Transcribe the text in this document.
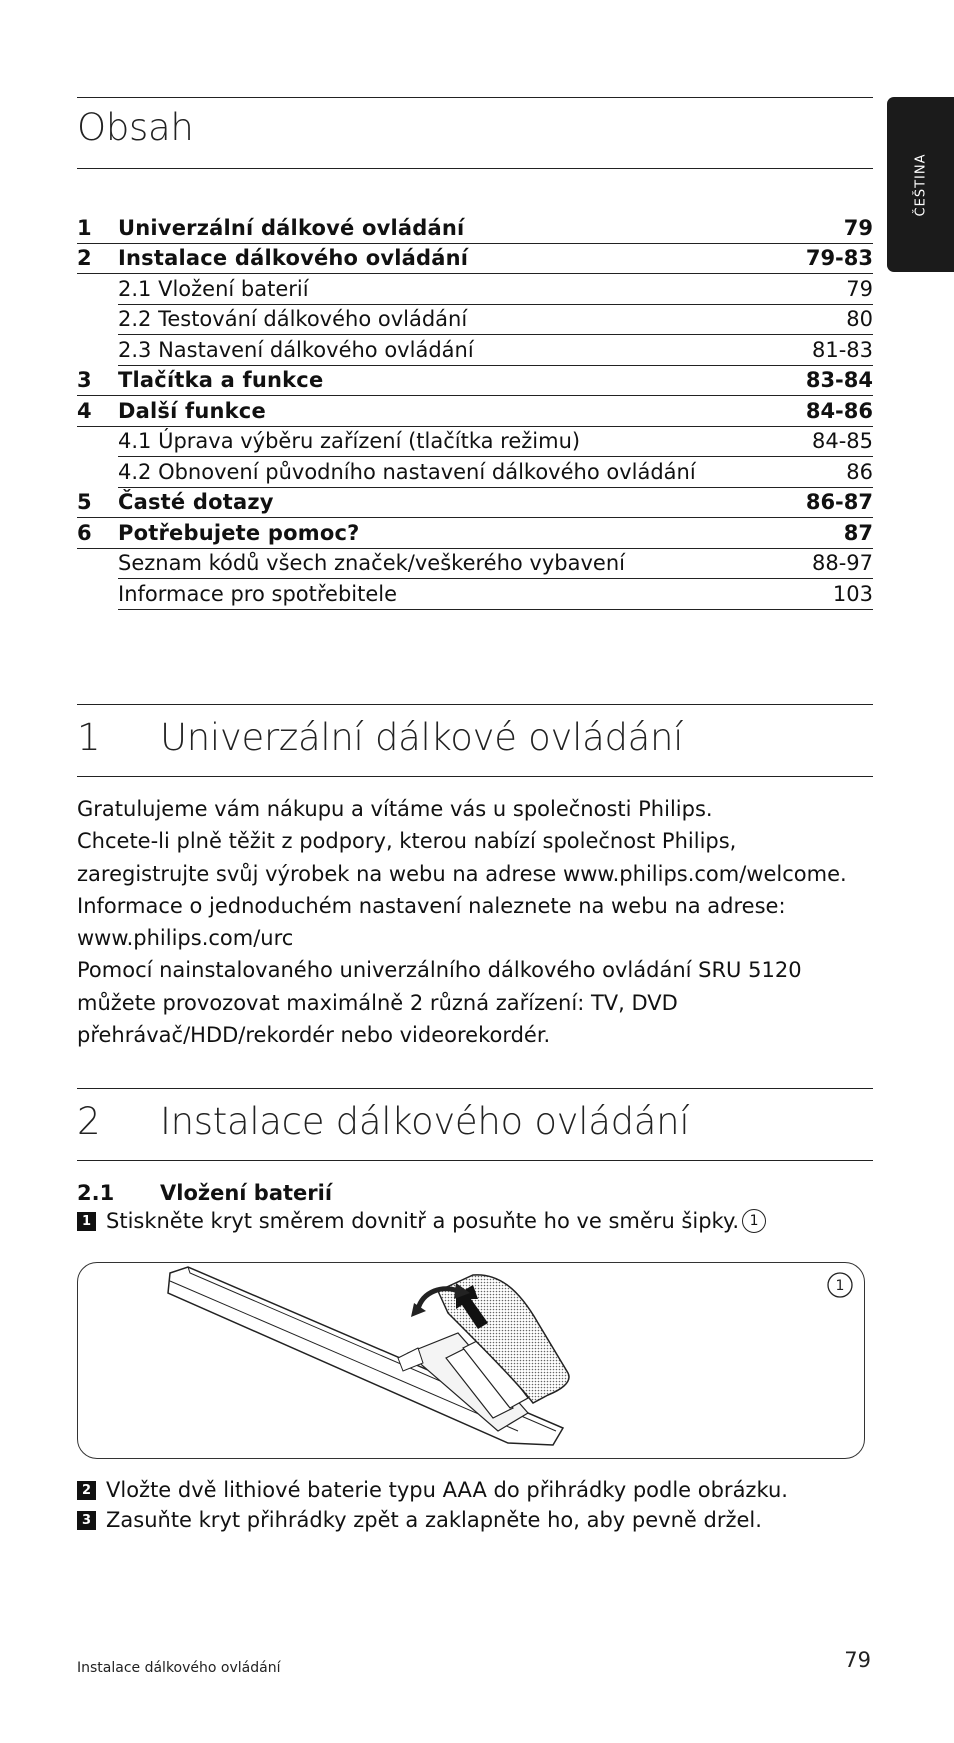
ČEŠTINA
Obsah
1 Univerzální dálkové ovládání	79
2 Instalace dálkového ovládání	79-83
2.1 Vložení baterií	79
2.2 Testování dálkového ovládání	80
2.3 Nastavení dálkového ovládání	81-83
3 Tlačítka a funkce	83-84
4 Další funkce	84-86
4.1 Úprava výběru zařízení (tlačítka režimu)	84-85
4.2 Obnovení původního nastavení dálkového ovládání	86
5 Časté dotazy	86-87
6 Potřebujete pomoc?	87
Seznam kódů všech značek/veškerého vybavení	88-97
Informace pro spotřebitele	103
1 Univerzální dálkové ovládání
Gratulujeme vám nákupu a vítáme vás u společnosti Philips.
Chcete-li plně těžit z podpory, kterou nabízí společnost Philips,
zaregistrujte svůj výrobek na webu na adrese www.philips.com/welcome.
Informace o jednoduchém nastavení naleznete na webu na adrese:
www.philips.com/urc
Pomocí nainstalovaného univerzálního dálkového ovládání SRU 5120
můžete provozovat maximálně 2 různá zařízení: TV, DVD
přehrávač/HDD/rekordér nebo videorekordér.
2 Instalace dálkového ovládání
2.1 Vložení baterií
1 Stiskněte kryt směrem dovnitř a posuňte ho ve směru šipky. 1
1
2 Vložte dvě lithiové baterie typu AAA do přihrádky podle obrázku.
3 Zasuňte kryt přihrádky zpět a zaklapněte ho, aby pevně držel.
Instalace dálkového ovládání	79
